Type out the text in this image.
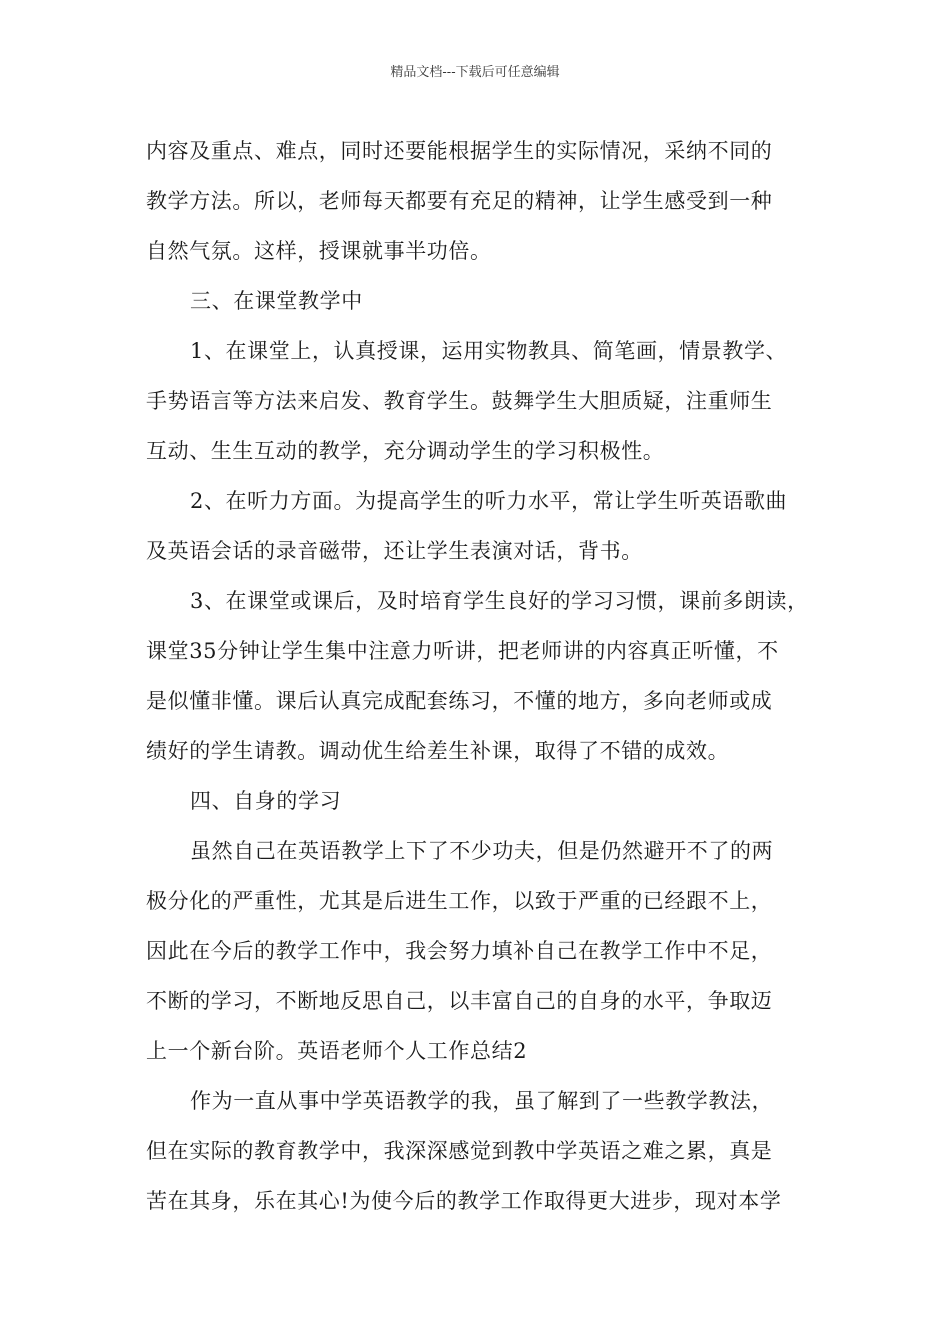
精品文档---下载后可任意编辑
内容及重点、难点，同时还要能根据学生的实际情况，采纳不同的
教学方法。所以，老师每天都要有充足的精神，让学生感受到一种
自然气氛。这样，授课就事半功倍。
三、在课堂教学中
1、在课堂上，认真授课，运用实物教具、简笔画，情景教学、
手势语言等方法来启发、教育学生。鼓舞学生大胆质疑，注重师生
互动、生生互动的教学，充分调动学生的学习积极性。
2、在听力方面。为提高学生的听力水平，常让学生听英语歌曲
及英语会话的录音磁带，还让学生表演对话，背书。
3、在课堂或课后，及时培育学生良好的学习习惯，课前多朗读，
课堂35分钟让学生集中注意力听讲，把老师讲的内容真正听懂，不
是似懂非懂。课后认真完成配套练习，不懂的地方，多向老师或成
绩好的学生请教。调动优生给差生补课，取得了不错的成效。
四、自身的学习
虽然自己在英语教学上下了不少功夫，但是仍然避开不了的两
极分化的严重性，尤其是后进生工作，以致于严重的已经跟不上，
因此在今后的教学工作中，我会努力填补自己在教学工作中不足，
不断的学习，不断地反思自己，以丰富自己的自身的水平，争取迈
上一个新台阶。英语老师个人工作总结2
作为一直从事中学英语教学的我，虽了解到了一些教学教法，
但在实际的教育教学中，我深深感觉到教中学英语之难之累，真是
苦在其身，乐在其心!为使今后的教学工作取得更大进步，现对本学
